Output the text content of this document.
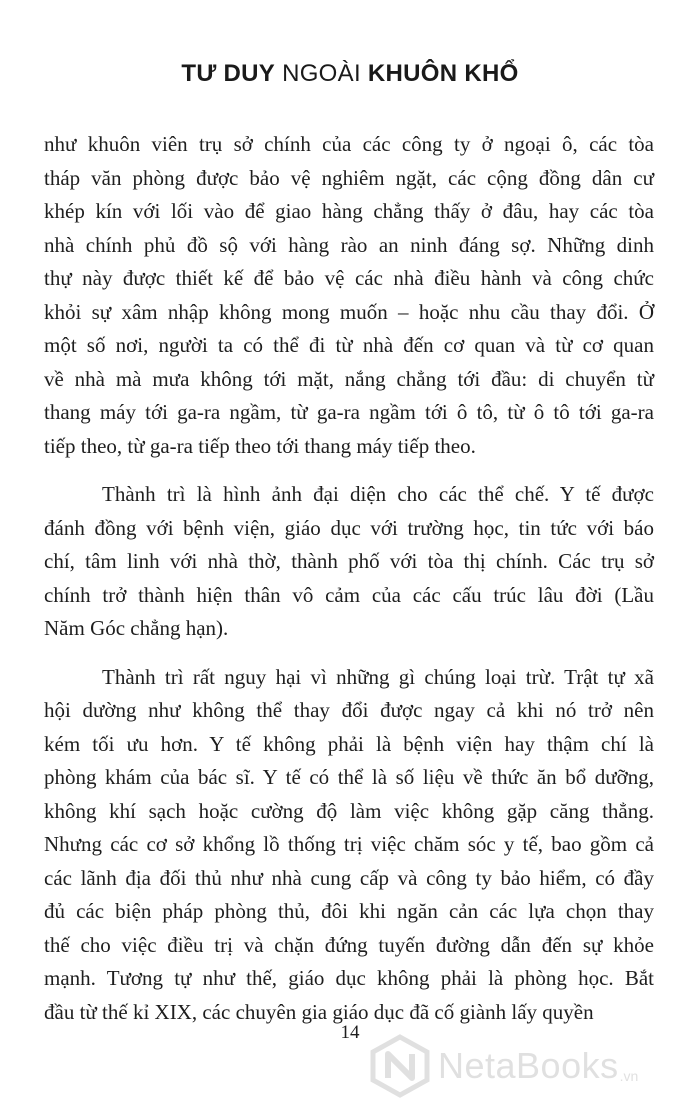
TƯ DUY NGOÀI KHUÔN KHỔ
như khuôn viên trụ sở chính của các công ty ở ngoại ô, các tòa
tháp văn phòng được bảo vệ nghiêm ngặt, các cộng đồng dân cư
khép kín với lối vào để giao hàng chẳng thấy ở đâu, hay các tòa
nhà chính phủ đồ sộ với hàng rào an ninh đáng sợ. Những dinh
thự này được thiết kế để bảo vệ các nhà điều hành và công chức
khỏi sự xâm nhập không mong muốn – hoặc nhu cầu thay đổi. Ở
một số nơi, người ta có thể đi từ nhà đến cơ quan và từ cơ quan
về nhà mà mưa không tới mặt, nắng chẳng tới đầu: di chuyển từ
thang máy tới ga-ra ngầm, từ ga-ra ngầm tới ô tô, từ ô tô tới ga-ra
tiếp theo, từ ga-ra tiếp theo tới thang máy tiếp theo.
Thành trì là hình ảnh đại diện cho các thể chế. Y tế được
đánh đồng với bệnh viện, giáo dục với trường học, tin tức với báo
chí, tâm linh với nhà thờ, thành phố với tòa thị chính. Các trụ sở
chính trở thành hiện thân vô cảm của các cấu trúc lâu đời (Lầu
Năm Góc chẳng hạn).
Thành trì rất nguy hại vì những gì chúng loại trừ. Trật tự xã
hội dường như không thể thay đổi được ngay cả khi nó trở nên
kém tối ưu hơn. Y tế không phải là bệnh viện hay thậm chí là
phòng khám của bác sĩ. Y tế có thể là số liệu về thức ăn bổ dưỡng,
không khí sạch hoặc cường độ làm việc không gặp căng thẳng.
Nhưng các cơ sở khổng lồ thống trị việc chăm sóc y tế, bao gồm cả
các lãnh địa đối thủ như nhà cung cấp và công ty bảo hiểm, có đầy
đủ các biện pháp phòng thủ, đôi khi ngăn cản các lựa chọn thay
thế cho việc điều trị và chặn đứng tuyến đường dẫn đến sự khỏe
mạnh. Tương tự như thế, giáo dục không phải là phòng học. Bắt
đầu từ thế kỉ XIX, các chuyên gia giáo dục đã cố giành lấy quyền
14
NetaBooks .vn
